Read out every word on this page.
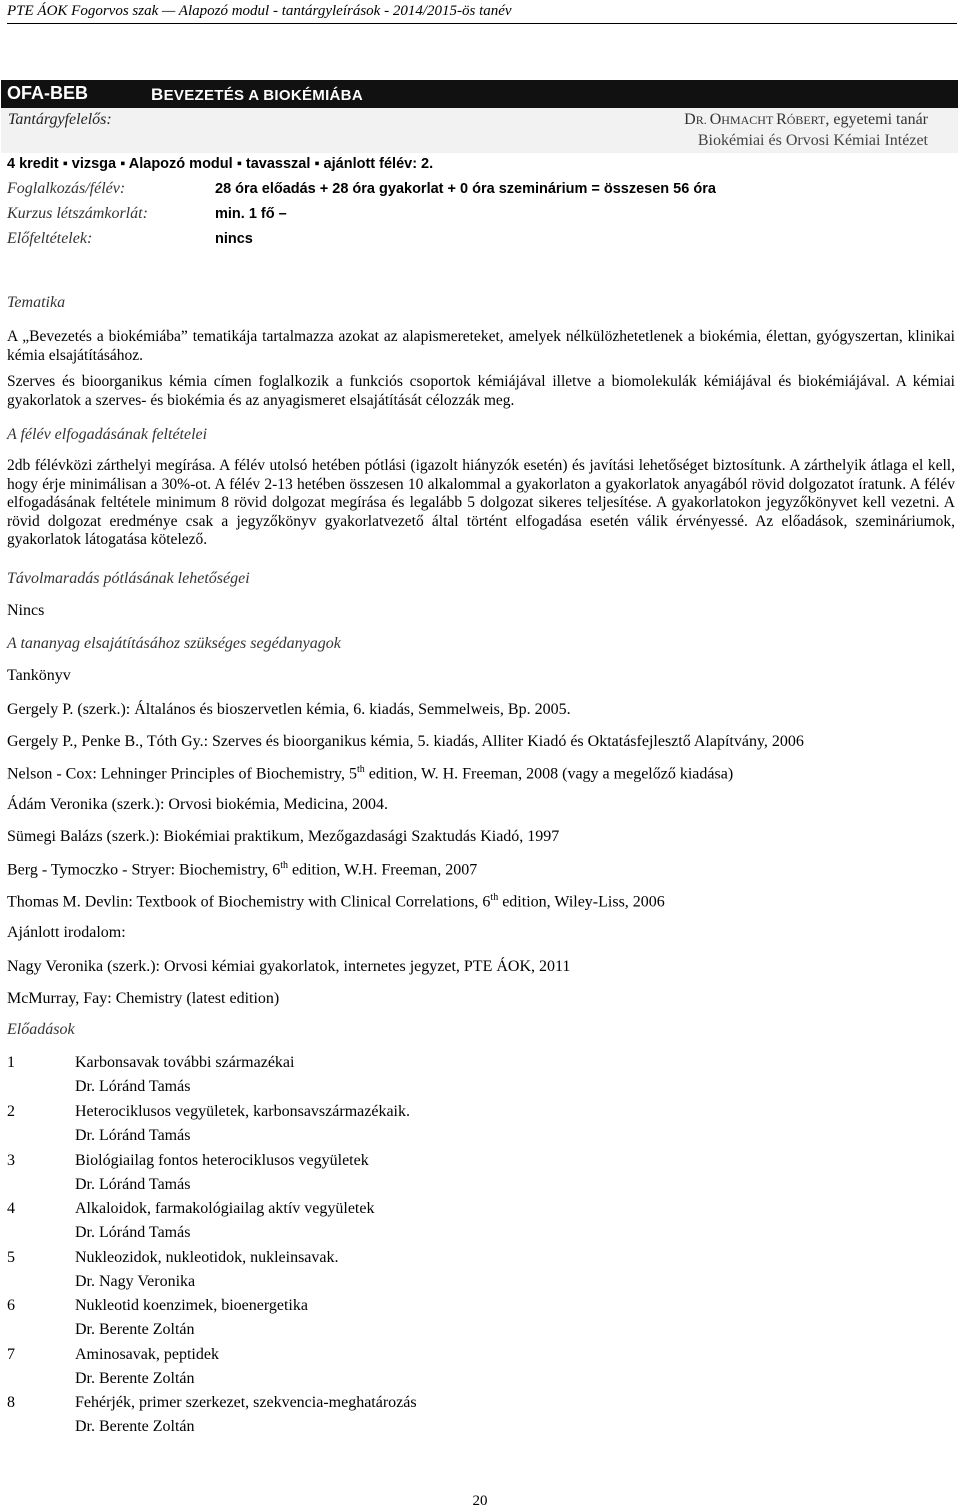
PTE ÁOK Fogorvos szak — Alapozó modul - tantárgyleírások - 2014/2015-ös tanév
OFA-BEB	BEVEZETÉS A BIOKÉMIÁBA
Tantárgyfelelős:	DR. OHMACHT RÓBERT, egyetemi tanár
Biokémiai és Orvosi Kémiai Intézet
4 kredit ▪ vizsga ▪ Alapozó modul ▪ tavasszal ▪ ajánlott félév: 2.
Foglalkozás/félév:	28 óra előadás + 28 óra gyakorlat + 0 óra szeminárium = összesen 56 óra
Kurzus létszámkorlát:	min. 1 fő –
Előfeltételek:	nincs
Tematika
A „Bevezetés a biokémiába” tematikája tartalmazza azokat az alapismereteket, amelyek nélkülözhetetlenek a biokémia, élettan, gyógyszertan, klinikai kémia elsajátításához.
Szerves és bioorganikus kémia címen foglalkozik a funkciós csoportok kémiájával illetve a biomolekulák kémiájával és biokémiájával. A kémiai gyakorlatok a szerves- és biokémia és az anyagismeret elsajátítását célozzák meg.
A félév elfogadásának feltételei
2db félévközi zárthelyi megírása. A félév utolsó hetében pótlási (igazolt hiányzók esetén) és javítási lehetőséget biztosítunk. A zárthelyik átlaga el kell, hogy érje minimálisan a 30%-ot. A félév 2-13 hetében összesen 10 alkalommal a gyakorlaton a gyakorlatok anyagából rövid dolgozatot íratunk. A félév elfogadásának feltétele minimum 8 rövid dolgozat megírása és legalább 5 dolgozat sikeres teljesítése. A gyakorlatokon jegyzőkönyvet kell vezetni. A rövid dolgozat eredménye csak a jegyzőkönyv gyakorlatvezető által történt elfogadása esetén válik érvényessé. Az előadások, szemináriumok, gyakorlatok látogatása kötelező.
Távolmaradás pótlásának lehetőségei
Nincs
A tananyag elsajátításához szükséges segédanyagok
Tankönyv
Gergely P. (szerk.): Általános és bioszervetlen kémia, 6. kiadás, Semmelweis, Bp. 2005.
Gergely P., Penke B., Tóth Gy.: Szerves és bioorganikus kémia, 5. kiadás, Alliter Kiadó és Oktatásfejlesztő Alapítvány, 2006
Nelson - Cox: Lehninger Principles of Biochemistry, 5th edition, W. H. Freeman, 2008 (vagy a megelőző kiadása)
Ádám Veronika (szerk.): Orvosi biokémia, Medicina, 2004.
Sümegi Balázs (szerk.): Biokémiai praktikum, Mezőgazdasági Szaktudás Kiadó, 1997
Berg - Tymoczko - Stryer: Biochemistry, 6th edition, W.H. Freeman, 2007
Thomas M. Devlin: Textbook of Biochemistry with Clinical Correlations, 6th edition, Wiley-Liss, 2006
Ajánlott irodalom:
Nagy Veronika (szerk.): Orvosi kémiai gyakorlatok, internetes jegyzet, PTE ÁOK, 2011
McMurray, Fay: Chemistry (latest edition)
Előadások
1	Karbonsavak további származékai
Dr. Lóránd Tamás
2	Heterociklusos vegyületek, karbonsavszármazékaik.
Dr. Lóránd Tamás
3	Biológiailag fontos heterociklusos vegyületek
Dr. Lóránd Tamás
4	Alkaloidok, farmakológiailag aktív vegyületek
Dr. Lóránd Tamás
5	Nukleozidok, nukleotidok, nukleinsavak.
Dr. Nagy Veronika
6	Nukleotid koenzimek, bioenergetika
Dr. Berente Zoltán
7	Aminosavak, peptidek
Dr. Berente Zoltán
8	Fehérjék, primer szerkezet, szekvencia-meghatározás
Dr. Berente Zoltán
20
